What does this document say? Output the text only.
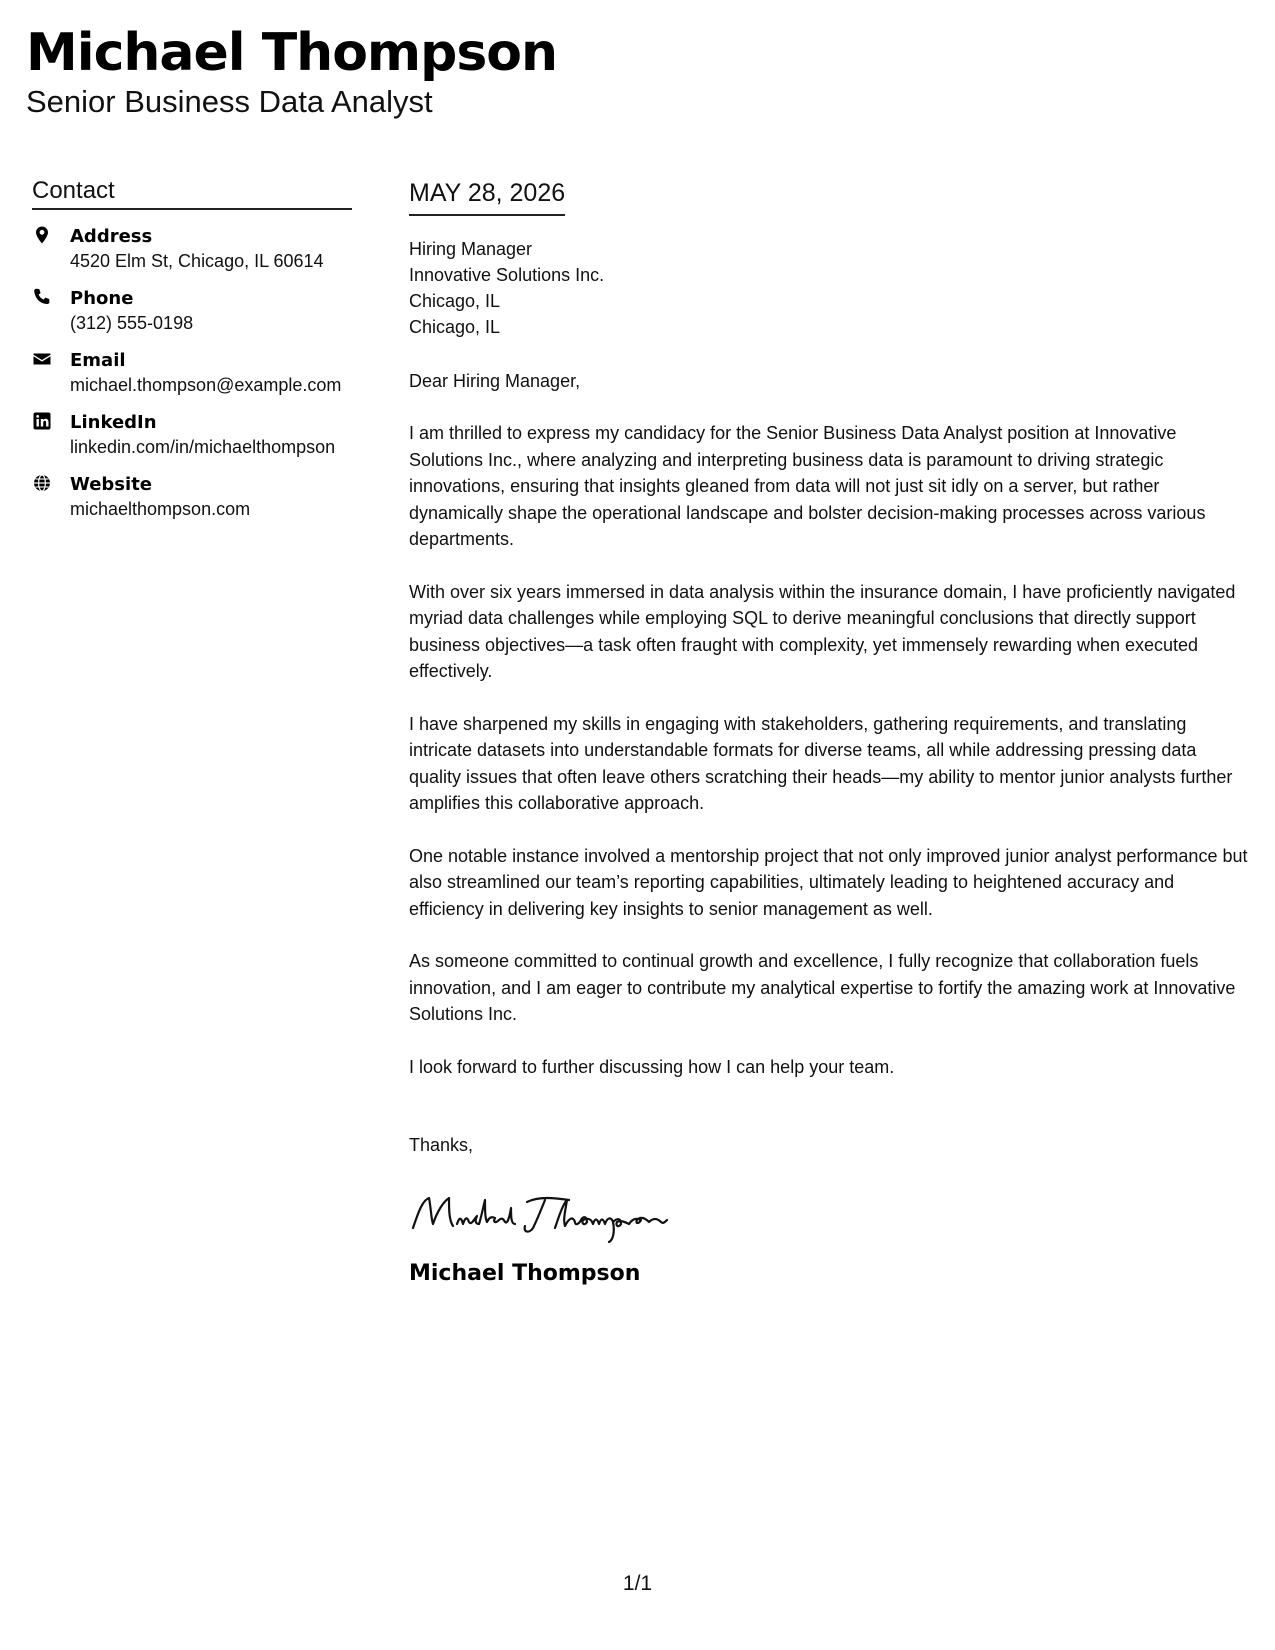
Michael Thompson
Senior Business Data Analyst
Contact
Address
4520 Elm St, Chicago, IL 60614
Phone
(312) 555-0198
Email
michael.thompson@example.com
LinkedIn
linkedin.com/in/michaelthompson
Website
michaelthompson.com
MAY 28, 2026
Hiring Manager
Innovative Solutions Inc.
Chicago, IL
Chicago, IL
Dear Hiring Manager,
I am thrilled to express my candidacy for the Senior Business Data Analyst position at Innovative Solutions Inc., where analyzing and interpreting business data is paramount to driving strategic innovations, ensuring that insights gleaned from data will not just sit idly on a server, but rather dynamically shape the operational landscape and bolster decision-making processes across various departments.
With over six years immersed in data analysis within the insurance domain, I have proficiently navigated myriad data challenges while employing SQL to derive meaningful conclusions that directly support business objectives—a task often fraught with complexity, yet immensely rewarding when executed effectively.
I have sharpened my skills in engaging with stakeholders, gathering requirements, and translating intricate datasets into understandable formats for diverse teams, all while addressing pressing data quality issues that often leave others scratching their heads—my ability to mentor junior analysts further amplifies this collaborative approach.
One notable instance involved a mentorship project that not only improved junior analyst performance but also streamlined our team’s reporting capabilities, ultimately leading to heightened accuracy and efficiency in delivering key insights to senior management as well.
As someone committed to continual growth and excellence, I fully recognize that collaboration fuels innovation, and I am eager to contribute my analytical expertise to fortify the amazing work at Innovative Solutions Inc.
I look forward to further discussing how I can help your team.
Thanks,
Michael Thompson
1/1
